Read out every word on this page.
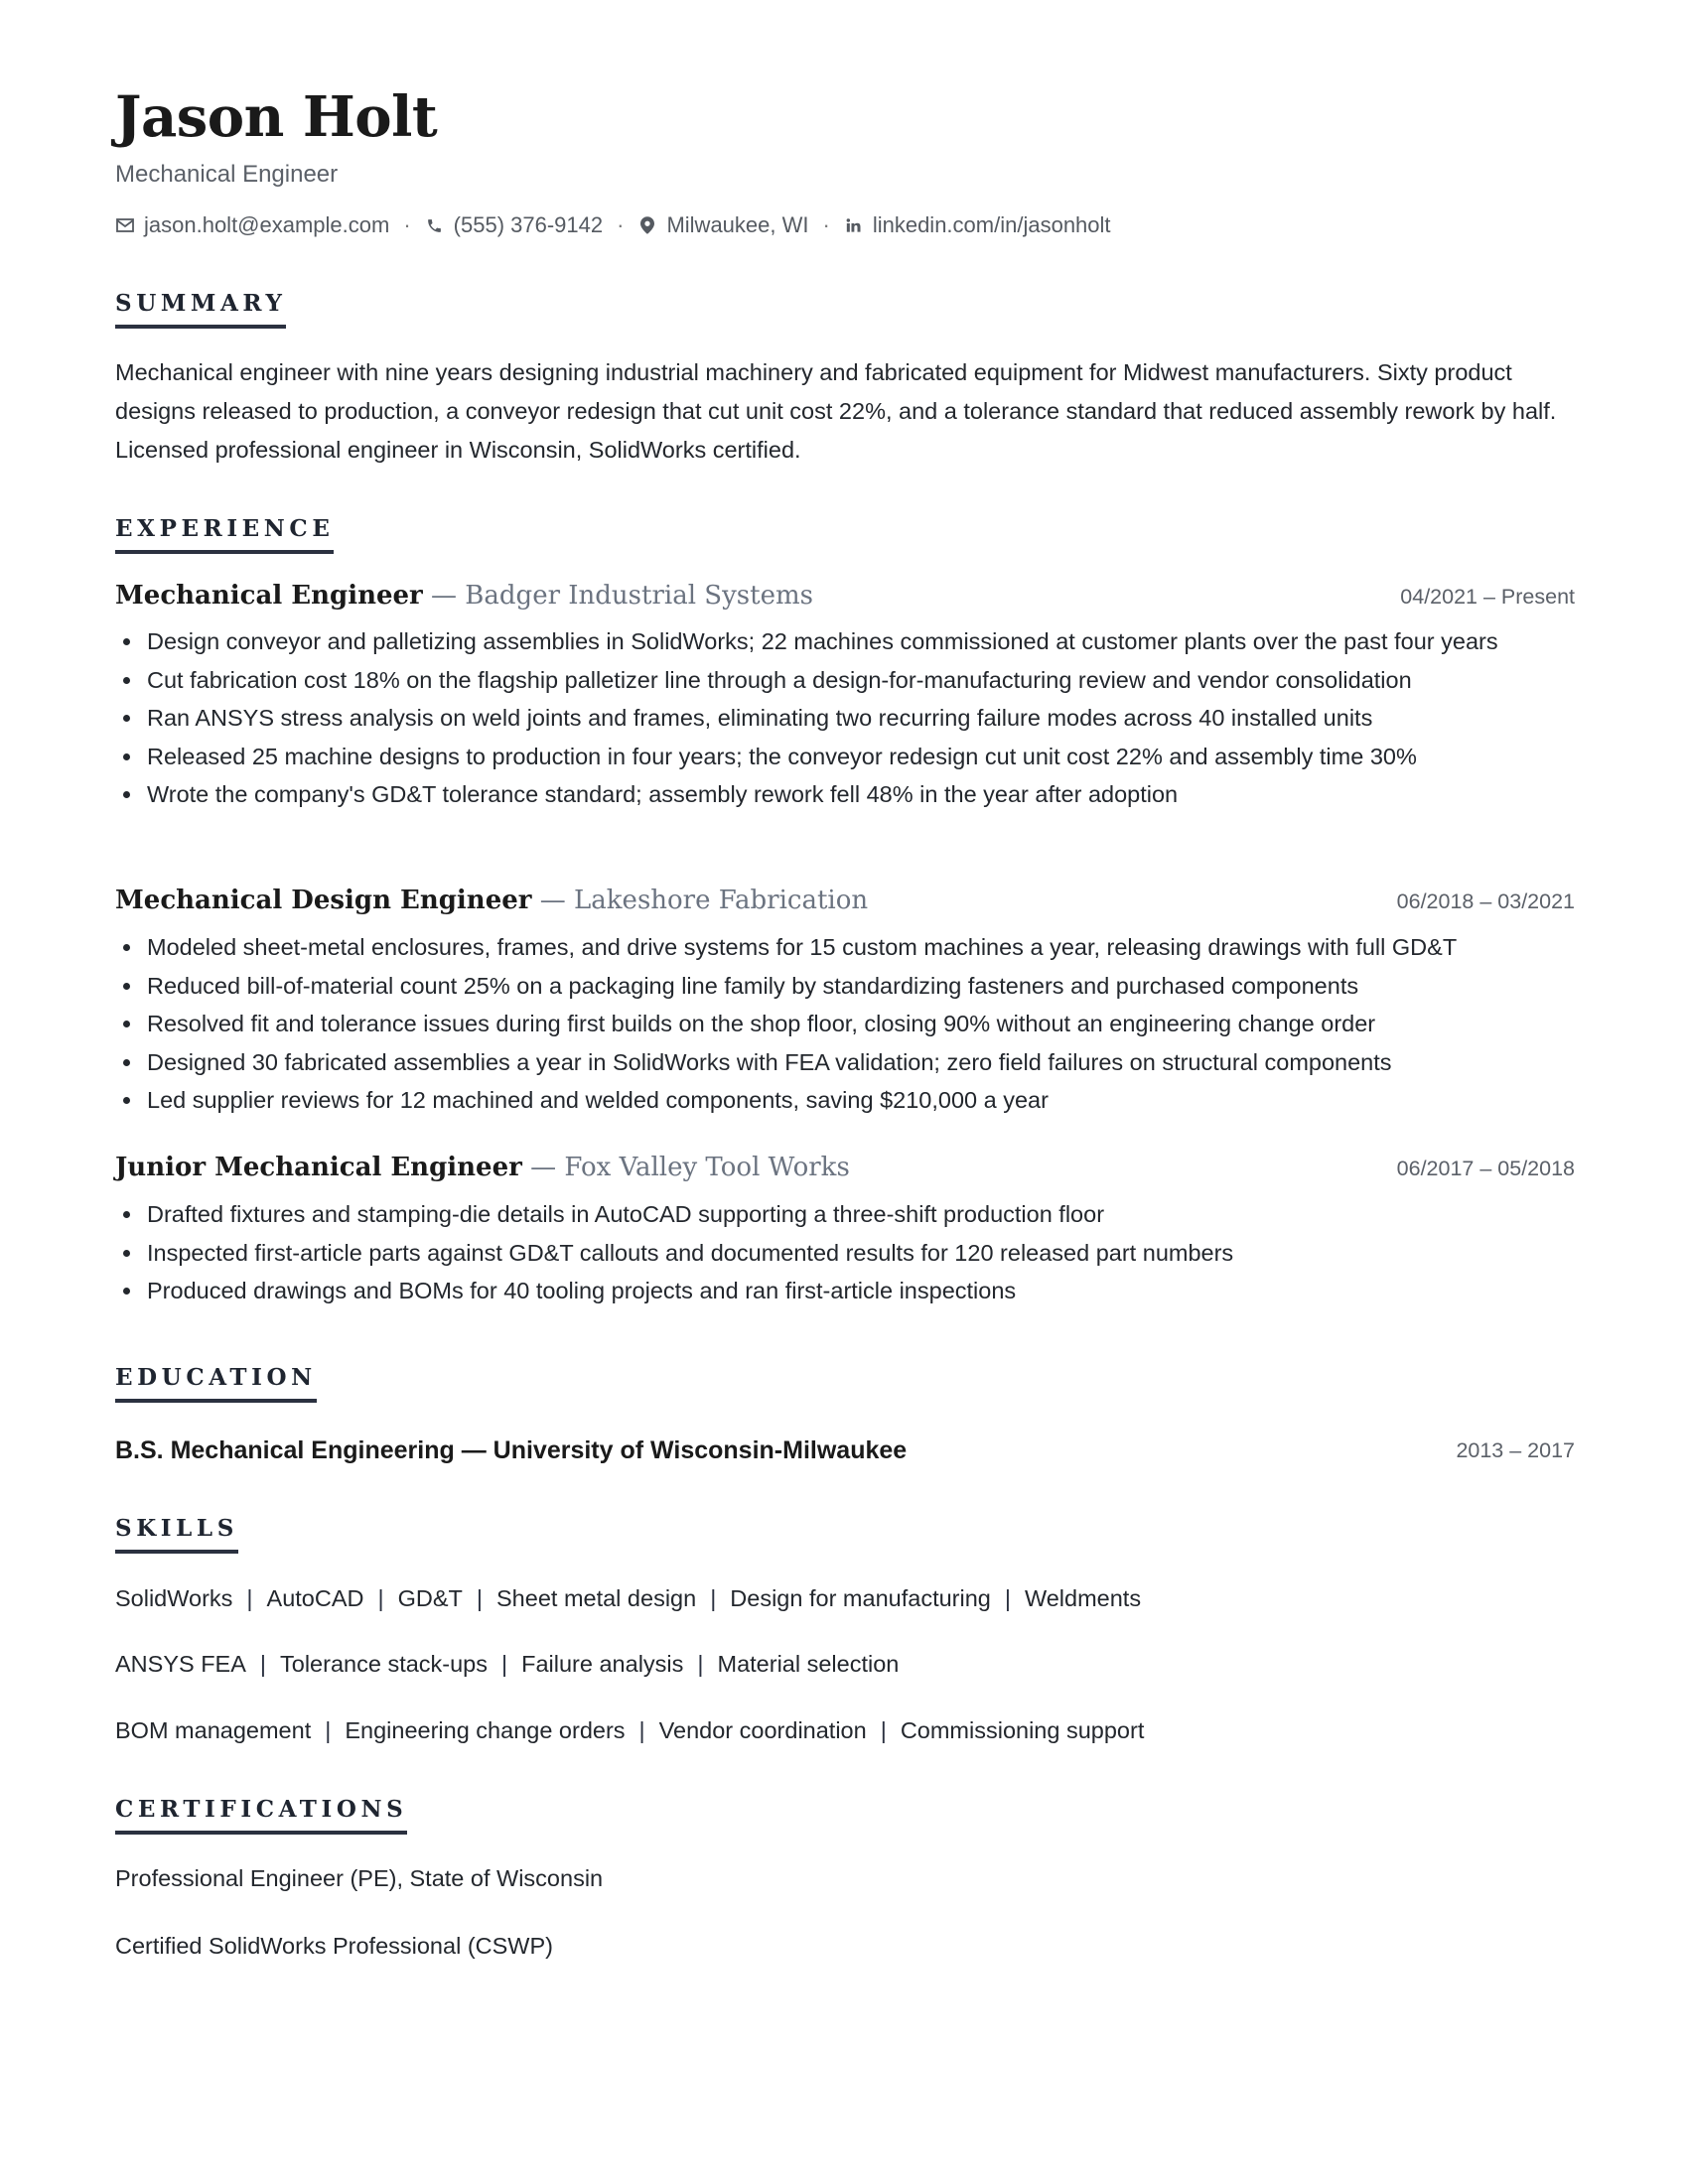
Jason Holt
Mechanical Engineer
jason.holt@example.com · (555) 376-9142 · Milwaukee, WI · linkedin.com/in/jasonholt
SUMMARY

Mechanical engineer with nine years designing industrial machinery and fabricated equipment for Midwest manufacturers. Sixty product designs released to production, a conveyor redesign that cut unit cost 22%, and a tolerance standard that reduced assembly rework by half. Licensed professional engineer in Wisconsin, SolidWorks certified.

EXPERIENCE
Mechanical Engineer — Badger Industrial Systems	04/2021 – Present
Design conveyor and palletizing assemblies in SolidWorks; 22 machines commissioned at customer plants over the past four years
Cut fabrication cost 18% on the flagship palletizer line through a design-for-manufacturing review and vendor consolidation
Ran ANSYS stress analysis on weld joints and frames, eliminating two recurring failure modes across 40 installed units
Released 25 machine designs to production in four years; the conveyor redesign cut unit cost 22% and assembly time 30%
Wrote the company's GD&T tolerance standard; assembly rework fell 48% in the year after adoption
Mechanical Design Engineer — Lakeshore Fabrication	06/2018 – 03/2021
Modeled sheet-metal enclosures, frames, and drive systems for 15 custom machines a year, releasing drawings with full GD&T
Reduced bill-of-material count 25% on a packaging line family by standardizing fasteners and purchased components
Resolved fit and tolerance issues during first builds on the shop floor, closing 90% without an engineering change order
Designed 30 fabricated assemblies a year in SolidWorks with FEA validation; zero field failures on structural components
Led supplier reviews for 12 machined and welded components, saving $210,000 a year
Junior Mechanical Engineer — Fox Valley Tool Works	06/2017 – 05/2018
Drafted fixtures and stamping-die details in AutoCAD supporting a three-shift production floor
Inspected first-article parts against GD&T callouts and documented results for 120 released part numbers
Produced drawings and BOMs for 40 tooling projects and ran first-article inspections
EDUCATION
B.S. Mechanical Engineering — University of Wisconsin-Milwaukee	2013 – 2017
SKILLS
SolidWorks | AutoCAD | GD&T | Sheet metal design | Design for manufacturing | Weldments
ANSYS FEA | Tolerance stack-ups | Failure analysis | Material selection
BOM management | Engineering change orders | Vendor coordination | Commissioning support
CERTIFICATIONS
Professional Engineer (PE), State of Wisconsin
Certified SolidWorks Professional (CSWP)
